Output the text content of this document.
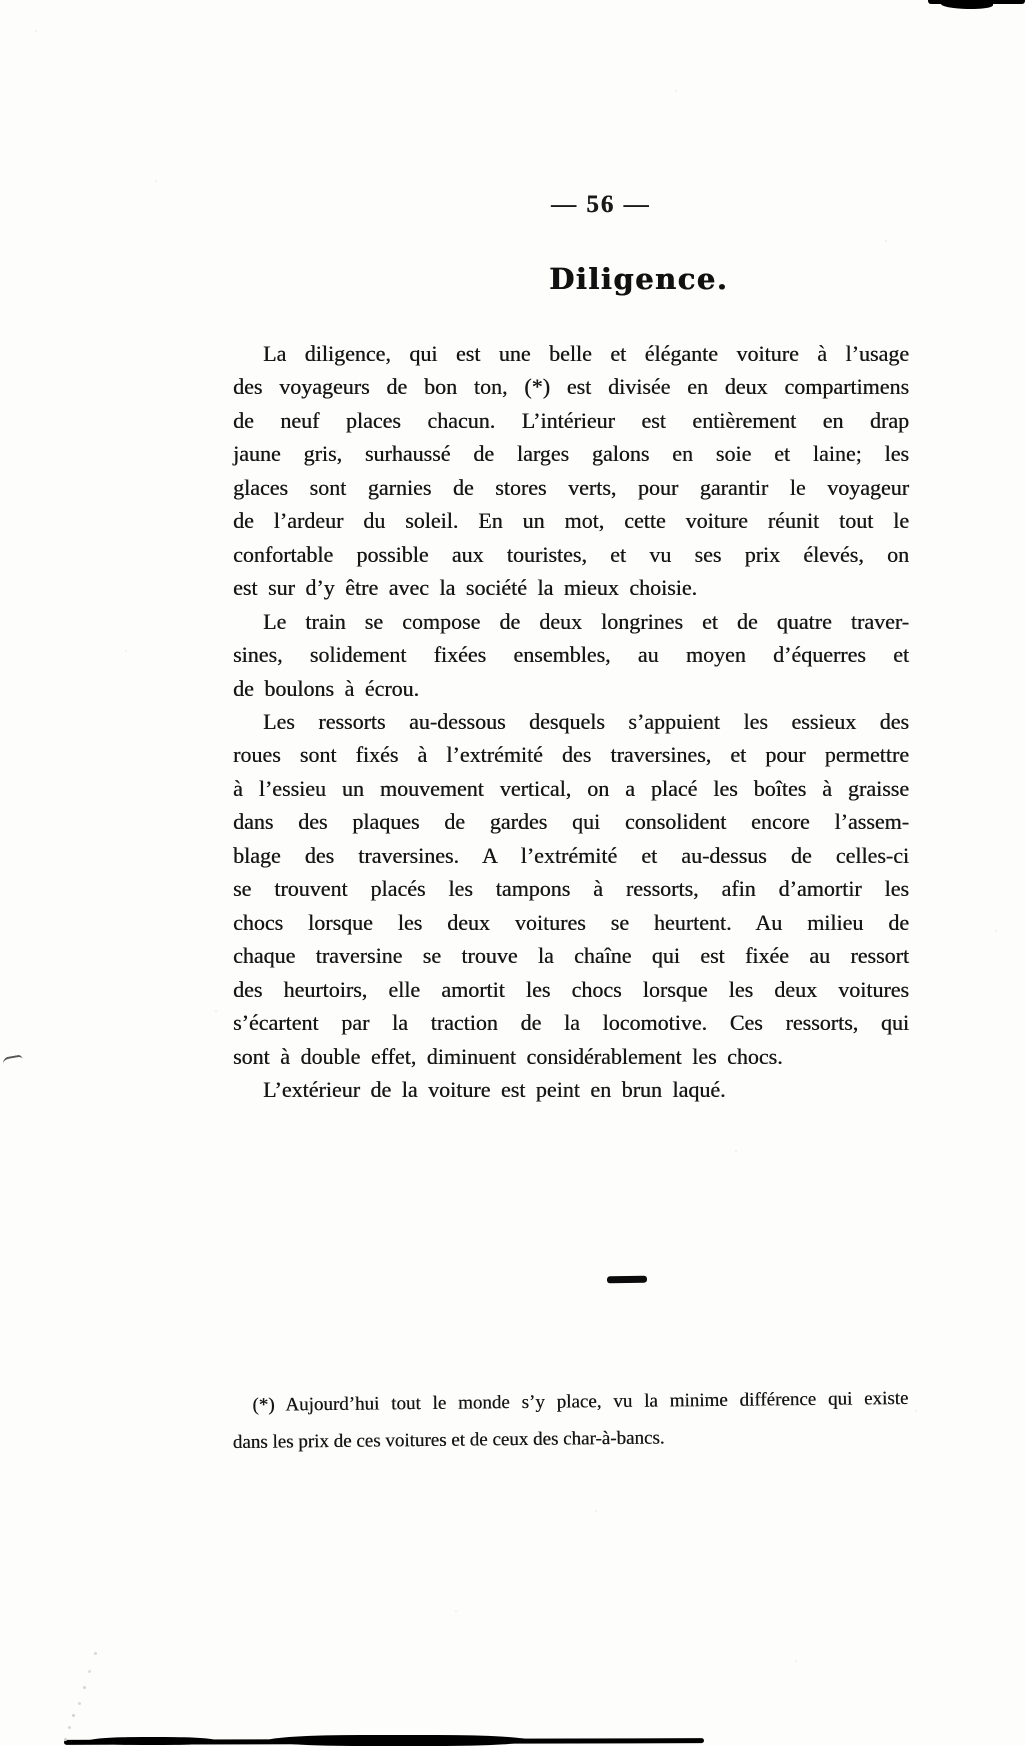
— 56 —
Diligence.
La diligence, qui est une belle et élégante voiture à l’usage
des voyageurs de bon ton, (*) est divisée en deux compartimens
de neuf places chacun. L’intérieur est entièrement en drap
jaune gris, surhaussé de larges galons en soie et laine; les
glaces sont garnies de stores verts, pour garantir le voyageur
de l’ardeur du soleil. En un mot, cette voiture réunit tout le
confortable possible aux touristes, et vu ses prix élevés, on
est sur d’y être avec la société la mieux choisie.
Le train se compose de deux longrines et de quatre traver-
sines, solidement fixées ensembles, au moyen d’équerres et
de boulons à écrou.
Les ressorts au-dessous desquels s’appuient les essieux des
roues sont fixés à l’extrémité des traversines, et pour permettre
à l’essieu un mouvement vertical, on a placé les boîtes à graisse
dans des plaques de gardes qui consolident encore l’assem-
blage des traversines. A l’extrémité et au-dessus de celles-ci
se trouvent placés les tampons à ressorts, afin d’amortir les
chocs lorsque les deux voitures se heurtent. Au milieu de
chaque traversine se trouve la chaîne qui est fixée au ressort
des heurtoirs, elle amortit les chocs lorsque les deux voitures
s’écartent par la traction de la locomotive. Ces ressorts, qui
sont à double effet, diminuent considérablement les chocs.
L’extérieur de la voiture est peint en brun laqué.
(*) Aujourd’hui tout le monde s’y place, vu la minime différence qui existe
dans les prix de ces voitures et de ceux des char-à-bancs.
